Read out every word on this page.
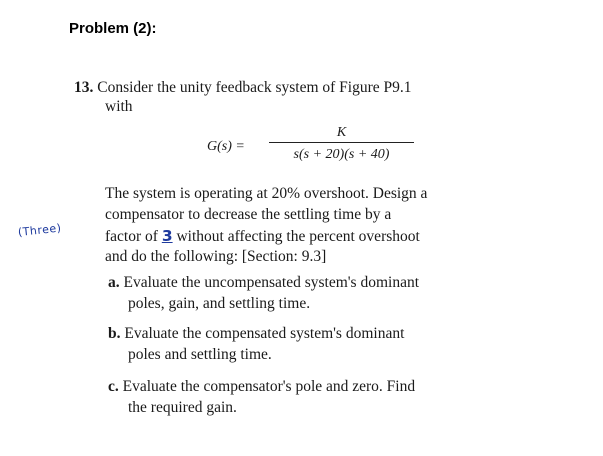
Problem (2):
13. Consider the unity feedback system of Figure P9.1
with
G(s) =
K
s(s + 20)(s + 40)
The system is operating at 20% overshoot. Design a
compensator to decrease the settling time by a
factor of 3 without affecting the percent overshoot
and do the following: [Section: 9.3]
a. Evaluate the uncompensated system's dominant
poles, gain, and settling time.
b. Evaluate the compensated system's dominant
poles and settling time.
c. Evaluate the compensator's pole and zero. Find
the required gain.
(Three)
